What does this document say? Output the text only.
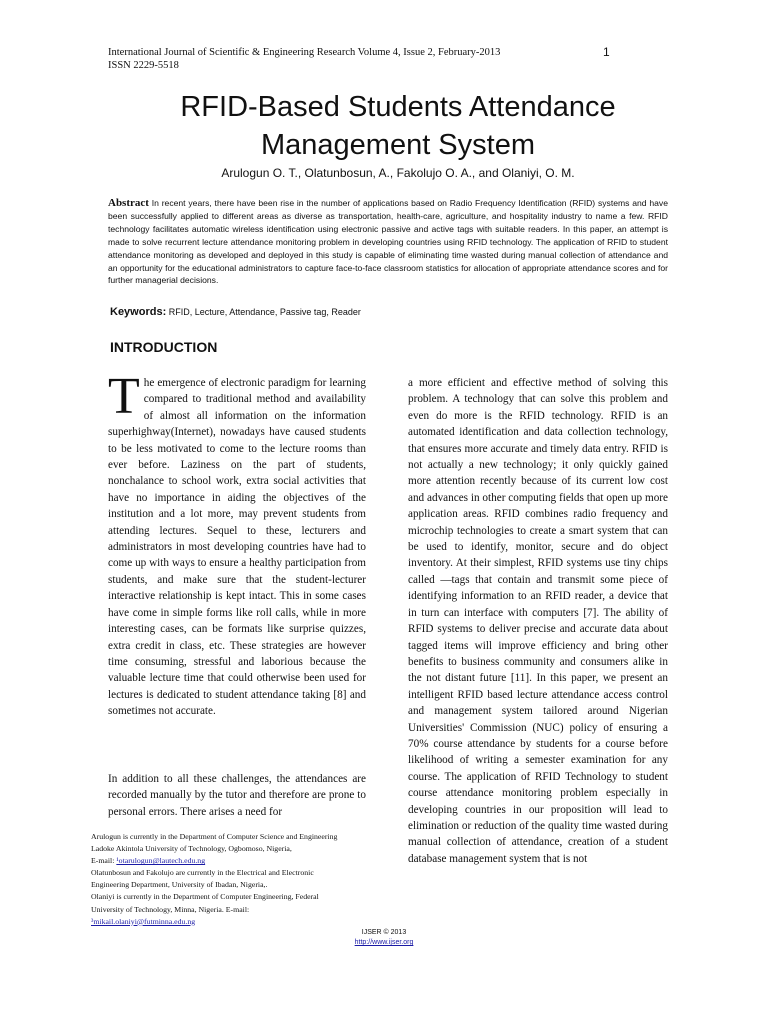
International Journal of Scientific & Engineering Research Volume 4, Issue 2, February-2013
ISSN 2229-5518
1
RFID-Based Students Attendance
Management System
Arulogun O. T., Olatunbosun, A., Fakolujo O. A., and Olaniyi, O. M.
Abstract In recent years, there have been rise in the number of applications based on Radio Frequency Identification (RFID) systems and have been successfully applied to different areas as diverse as transportation, health-care, agriculture, and hospitality industry to name a few. RFID technology facilitates automatic wireless identification using electronic passive and active tags with suitable readers. In this paper, an attempt is made to solve recurrent lecture attendance monitoring problem in developing countries using RFID technology. The application of RFID to student attendance monitoring as developed and deployed in this study is capable of eliminating time wasted during manual collection of attendance and an opportunity for the educational administrators to capture face-to-face classroom statistics for allocation of appropriate attendance scores and for further managerial decisions.
Keywords: RFID, Lecture, Attendance, Passive tag, Reader
INTRODUCTION
The emergence of electronic paradigm for learning compared to traditional method and availability of almost all information on the information superhighway(Internet), nowadays have caused students to be less motivated to come to the lecture rooms than ever before. Laziness on the part of students, nonchalance to school work, extra social activities that have no importance in aiding the objectives of the institution and a lot more, may prevent students from attending lectures. Sequel to these, lecturers and administrators in most developing countries have had to come up with ways to ensure a healthy participation from students, and make sure that the student-lecturer interactive relationship is kept intact. This in some cases have come in simple forms like roll calls, while in more interesting cases, can be formats like surprise quizzes, extra credit in class, etc. These strategies are however time consuming, stressful and laborious because the valuable lecture time that could otherwise been used for lectures is dedicated to student attendance taking [8] and sometimes not accurate.
In addition to all these challenges, the attendances are recorded manually by the tutor and therefore are prone to personal errors. There arises a need for
a more efficient and effective method of solving this problem. A technology that can solve this problem and even do more is the RFID technology. RFID is an automated identification and data collection technology, that ensures more accurate and timely data entry. RFID is not actually a new technology; it only quickly gained more attention recently because of its current low cost and advances in other computing fields that open up more application areas. RFID combines radio frequency and microchip technologies to create a smart system that can be used to identify, monitor, secure and do object inventory. At their simplest, RFID systems use tiny chips called ―tags that contain and transmit some piece of identifying information to an RFID reader, a device that in turn can interface with computers [7]. The ability of RFID systems to deliver precise and accurate data about tagged items will improve efficiency and bring other benefits to business community and consumers alike in the not distant future [11]. In this paper, we present an intelligent RFID based lecture attendance access control and management system tailored around Nigerian Universities' Commission (NUC) policy of ensuring a 70% course attendance by students for a course before likelihood of writing a semester examination for any course. The application of RFID Technology to student course attendance monitoring problem especially in developing countries in our proposition will lead to elimination or reduction of the quality time wasted during manual collection of attendance, creation of a student database management system that is not
Arulogun is currently in the Department of Computer Science and Engineering
Ladoke Akintola University of Technology, Ogbomoso, Nigeria,
E-mail: ¹otarulogun@lautech.edu.ng
Olatunbosun and Fakolujo are currently in the Electrical and Electronic
Engineering Department, University of Ibadan, Nigeria,.
Olaniyi is currently in the Department of Computer Engineering, Federal
University of Technology, Minna, Nigeria. E-mail:
³mikail.olaniyi@futminna.edu.ng
IJSER © 2013
http://www.ijser.org
